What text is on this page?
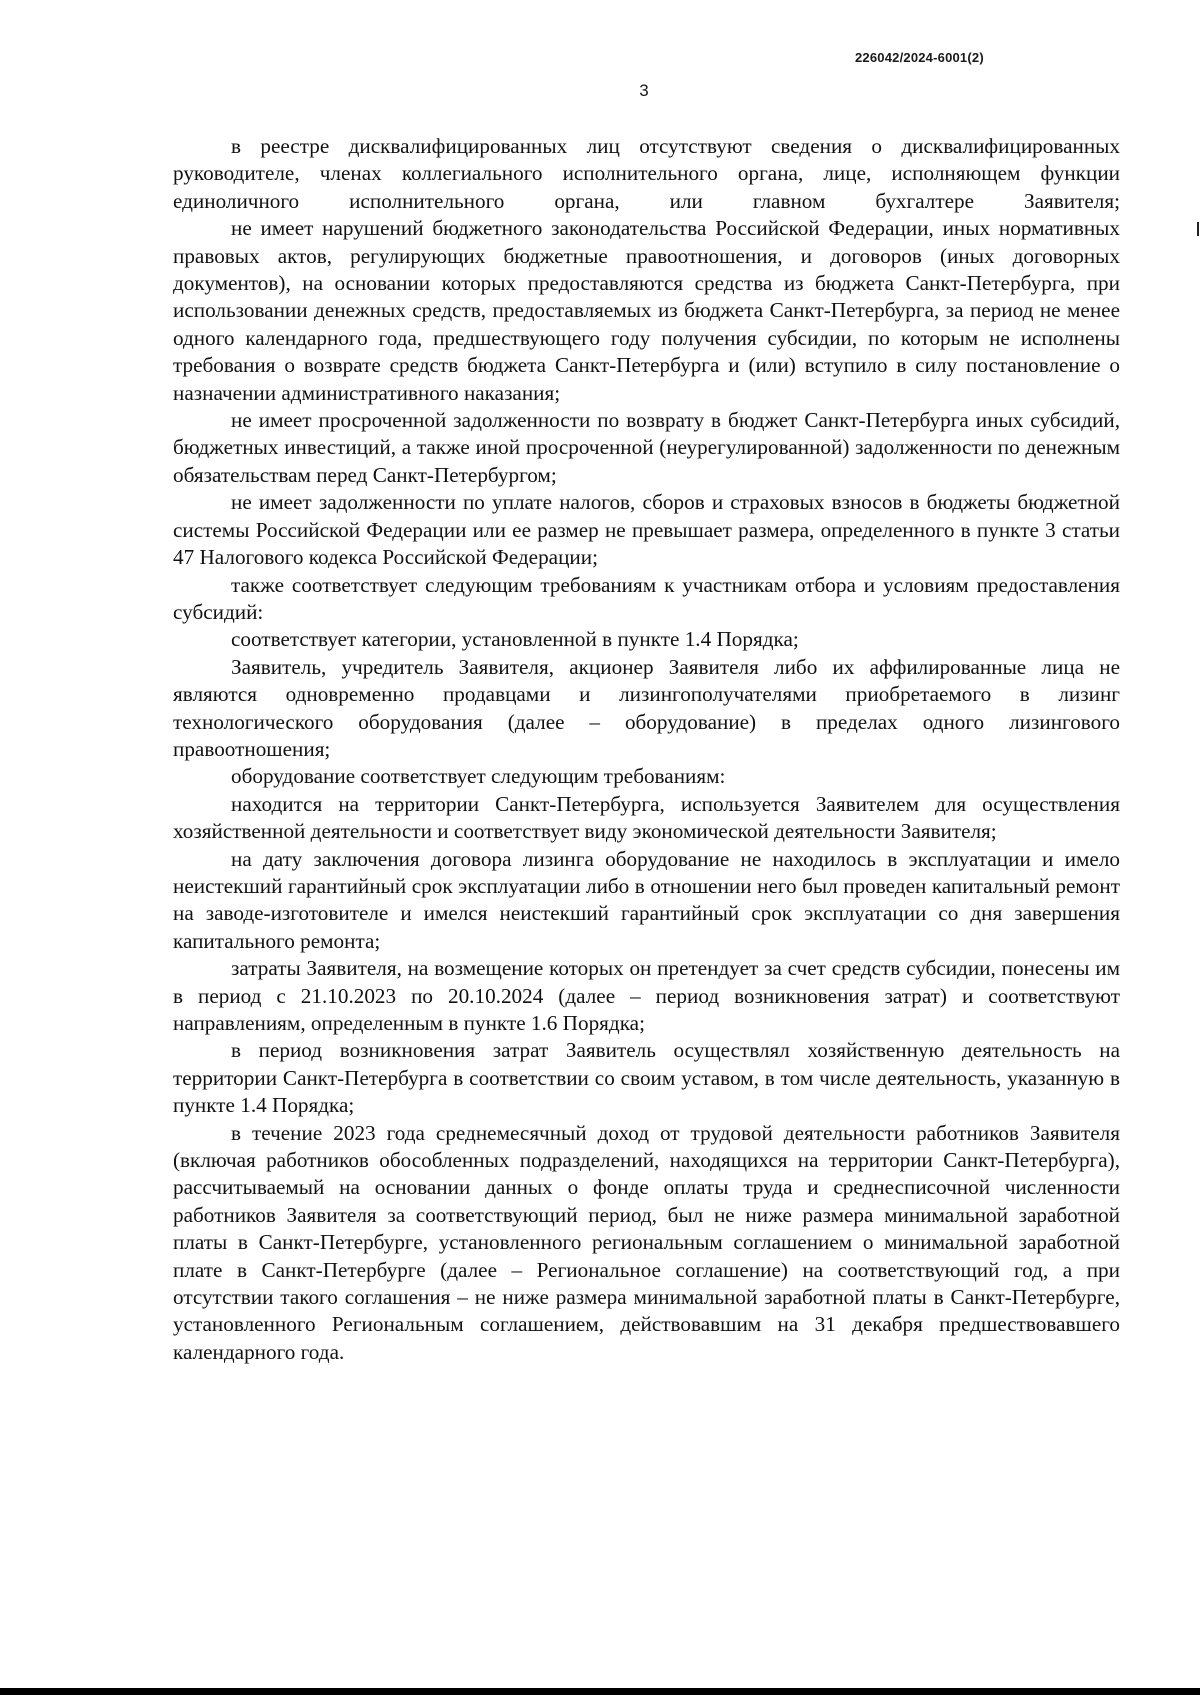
226042/2024-6001(2)
3

в реестре дисквалифицированных лиц отсутствуют сведения о дисквалифицированных руководителе, членах коллегиального исполнительного органа, лице, исполняющем функции единоличного исполнительного органа, или главном бухгалтере Заявителя;

не имеет нарушений бюджетного законодательства Российской Федерации, иных нормативных правовых актов, регулирующих бюджетные правоотношения, и договоров (иных договорных документов), на основании которых предоставляются средства из бюджета Санкт-Петербурга, при использовании денежных средств, предоставляемых из бюджета Санкт-Петербурга, за период не менее одного календарного года, предшествующего году получения субсидии, по которым не исполнены требования о возврате средств бюджета Санкт-Петербурга и (или) вступило в силу постановление о назначении административного наказания;

не имеет просроченной задолженности по возврату в бюджет Санкт-Петербурга иных субсидий, бюджетных инвестиций, а также иной просроченной (неурегулированной) задолженности по денежным обязательствам перед Санкт-Петербургом;

не имеет задолженности по уплате налогов, сборов и страховых взносов в бюджеты бюджетной системы Российской Федерации или ее размер не превышает размера, определенного в пункте 3 статьи 47 Налогового кодекса Российской Федерации;

также соответствует следующим требованиям к участникам отбора и условиям предоставления субсидий:

соответствует категории, установленной в пункте 1.4 Порядка;

Заявитель, учредитель Заявителя, акционер Заявителя либо их аффилированные лица не являются одновременно продавцами и лизингополучателями приобретаемого в лизинг технологического оборудования (далее – оборудование) в пределах одного лизингового правоотношения;

оборудование соответствует следующим требованиям:

находится на территории Санкт-Петербурга, используется Заявителем для осуществления хозяйственной деятельности и соответствует виду экономической деятельности Заявителя;

на дату заключения договора лизинга оборудование не находилось в эксплуатации и имело неистекший гарантийный срок эксплуатации либо в отношении него был проведен капитальный ремонт на заводе-изготовителе и имелся неистекший гарантийный срок эксплуатации со дня завершения капитального ремонта;

затраты Заявителя, на возмещение которых он претендует за счет средств субсидии, понесены им в период с 21.10.2023 по 20.10.2024 (далее – период возникновения затрат) и соответствуют направлениям, определенным в пункте 1.6 Порядка;

в период возникновения затрат Заявитель осуществлял хозяйственную деятельность на территории Санкт-Петербурга в соответствии со своим уставом, в том числе деятельность, указанную в пункте 1.4 Порядка;

в течение 2023 года среднемесячный доход от трудовой деятельности работников Заявителя (включая работников обособленных подразделений, находящихся на территории Санкт-Петербурга), рассчитываемый на основании данных о фонде оплаты труда и среднесписочной численности работников Заявителя за соответствующий период, был не ниже размера минимальной заработной платы в Санкт-Петербурге, установленного региональным соглашением о минимальной заработной плате в Санкт-Петербурге (далее – Региональное соглашение) на соответствующий год, а при отсутствии такого соглашения – не ниже размера минимальной заработной платы в Санкт-Петербурге, установленного Региональным соглашением, действовавшим на 31 декабря предшествовавшего календарного года.
